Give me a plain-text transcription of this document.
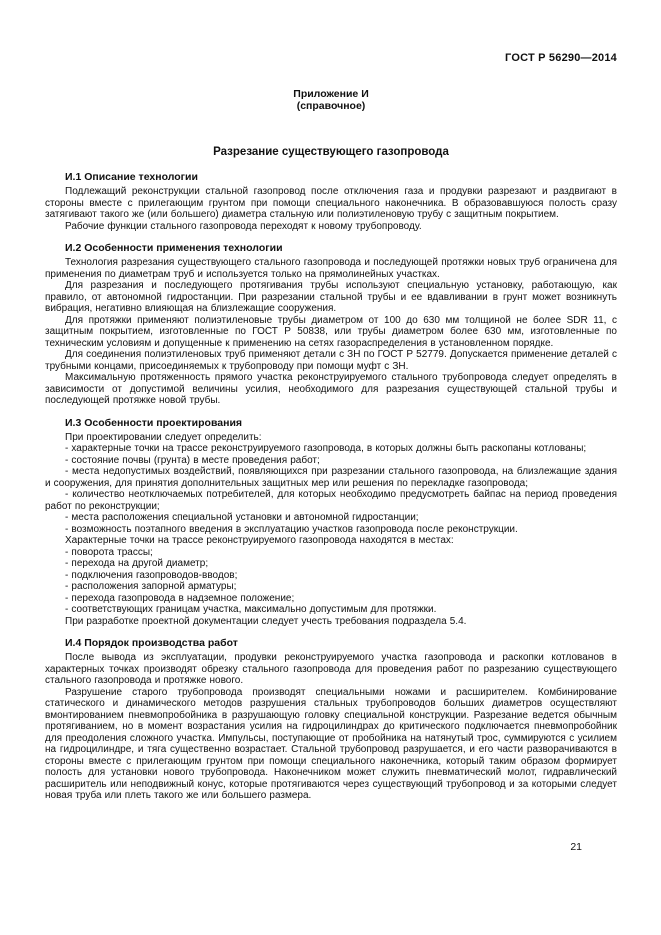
ГОСТ Р 56290—2014
Приложение И
(справочное)
Разрезание существующего газопровода
И.1 Описание технологии

Подлежащий реконструкции стальной газопровод после отключения газа и продувки разрезают и раздвигают в стороны вместе с прилегающим грунтом при помощи специального наконечника. В образовавшуюся полость сразу затягивают такого же (или большего) диаметра стальную или полиэтиленовую трубу с защитным покрытием.

Рабочие функции стального газопровода переходят к новому трубопроводу.

И.2 Особенности применения технологии

Технология разрезания существующего стального газопровода и последующей протяжки новых труб ограничена для применения по диаметрам труб и используется только на прямолинейных участках.

Для разрезания и последующего протягивания трубы используют специальную установку, работающую, как правило, от автономной гидростанции. При разрезании стальной трубы и ее вдавливании в грунт может возникнуть вибрация, негативно влияющая на близлежащие сооружения.

Для протяжки применяют полиэтиленовые трубы диаметром от 100 до 630 мм толщиной не более SDR 11, с защитным покрытием, изготовленные по ГОСТ Р 50838, или трубы диаметром более 630 мм, изготовленные по техническим условиям и допущенные к применению на сетях газораспределения в установленном порядке.

Для соединения полиэтиленовых труб применяют детали с ЗН по ГОСТ Р 52779. Допускается применение деталей с трубными концами, присоединяемых к трубопроводу при помощи муфт с ЗН.

Максимальную протяженность прямого участка реконструируемого стального трубопровода следует определять в зависимости от допустимой величины усилия, необходимого для разрезания существующей стальной трубы и последующей протяжке новой трубы.

И.3 Особенности проектирования

При проектировании следует определить:

- характерные точки на трассе реконструируемого газопровода, в которых должны быть раскопаны котлованы;

- состояние почвы (грунта) в месте проведения работ;

- места недопустимых воздействий, появляющихся при разрезании стального газопровода, на близлежащие здания и сооружения, для принятия дополнительных защитных мер или решения по перекладке газопровода;

- количество неотключаемых потребителей, для которых необходимо предусмотреть байпас на период проведения работ по реконструкции;

- места расположения специальной установки и автономной гидростанции;

- возможность поэтапного введения в эксплуатацию участков газопровода после реконструкции.

Характерные точки на трассе реконструируемого газопровода находятся в местах:

- поворота трассы;

- перехода на другой диаметр;

- подключения газопроводов-вводов;

- расположения запорной арматуры;

- перехода газопровода в надземное положение;

- соответствующих границам участка, максимально допустимым для протяжки.

При разработке проектной документации следует учесть требования подраздела 5.4.

И.4 Порядок производства работ

После вывода из эксплуатации, продувки реконструируемого участка газопровода и раскопки котлованов в характерных точках производят обрезку стального газопровода для проведения работ по разрезанию существующего стального газопровода и протяжке нового.

Разрушение старого трубопровода производят специальными ножами и расширителем. Комбинирование статического и динамического методов разрушения стальных трубопроводов больших диаметров осуществляют вмонтированием пневмопробойника в разрушающую головку специальной конструкции. Разрезание ведется обычным протягиванием, но в момент возрастания усилия на гидроцилиндрах до критического подключается пневмопробойник для преодоления сложного участка. Импульсы, поступающие от пробойника на натянутый трос, суммируются с усилием на гидроцилиндре, и тяга существенно возрастает. Стальной трубопровод разрушается, и его части разворачиваются в стороны вместе с прилегающим грунтом при помощи специального наконечника, который таким образом формирует полость для установки нового трубопровода. Наконечником может служить пневматический молот, гидравлический расширитель или неподвижный конус, которые протягиваются через существующий трубопровод и за которыми следует новая труба или плеть такого же или большего размера.

21
